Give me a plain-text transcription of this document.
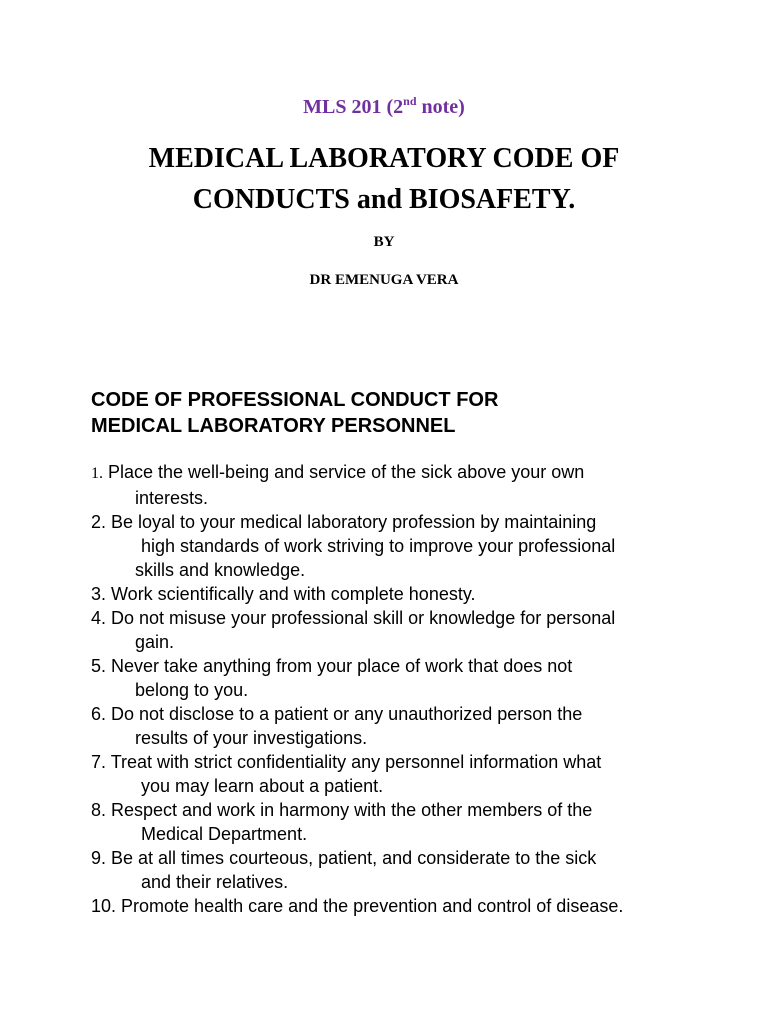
MLS 201 (2nd note)
MEDICAL LABORATORY CODE OF
CONDUCTS and BIOSAFETY.
BY
DR EMENUGA VERA
CODE OF PROFESSIONAL CONDUCT FOR
MEDICAL LABORATORY PERSONNEL
1. Place the well-being and service of the sick above your own
interests.
2. Be loyal to your medical laboratory profession by maintaining
high standards of work striving to improve your professional
skills and knowledge.
3. Work scientifically and with complete honesty.
4. Do not misuse your professional skill or knowledge for personal
gain.
5. Never take anything from your place of work that does not
belong to you.
6. Do not disclose to a patient or any unauthorized person the
results of your investigations.
7. Treat with strict confidentiality any personnel information what
you may learn about a patient.
8. Respect and work in harmony with the other members of the
Medical Department.
9. Be at all times courteous, patient, and considerate to the sick
and their relatives.
10. Promote health care and the prevention and control of disease.
